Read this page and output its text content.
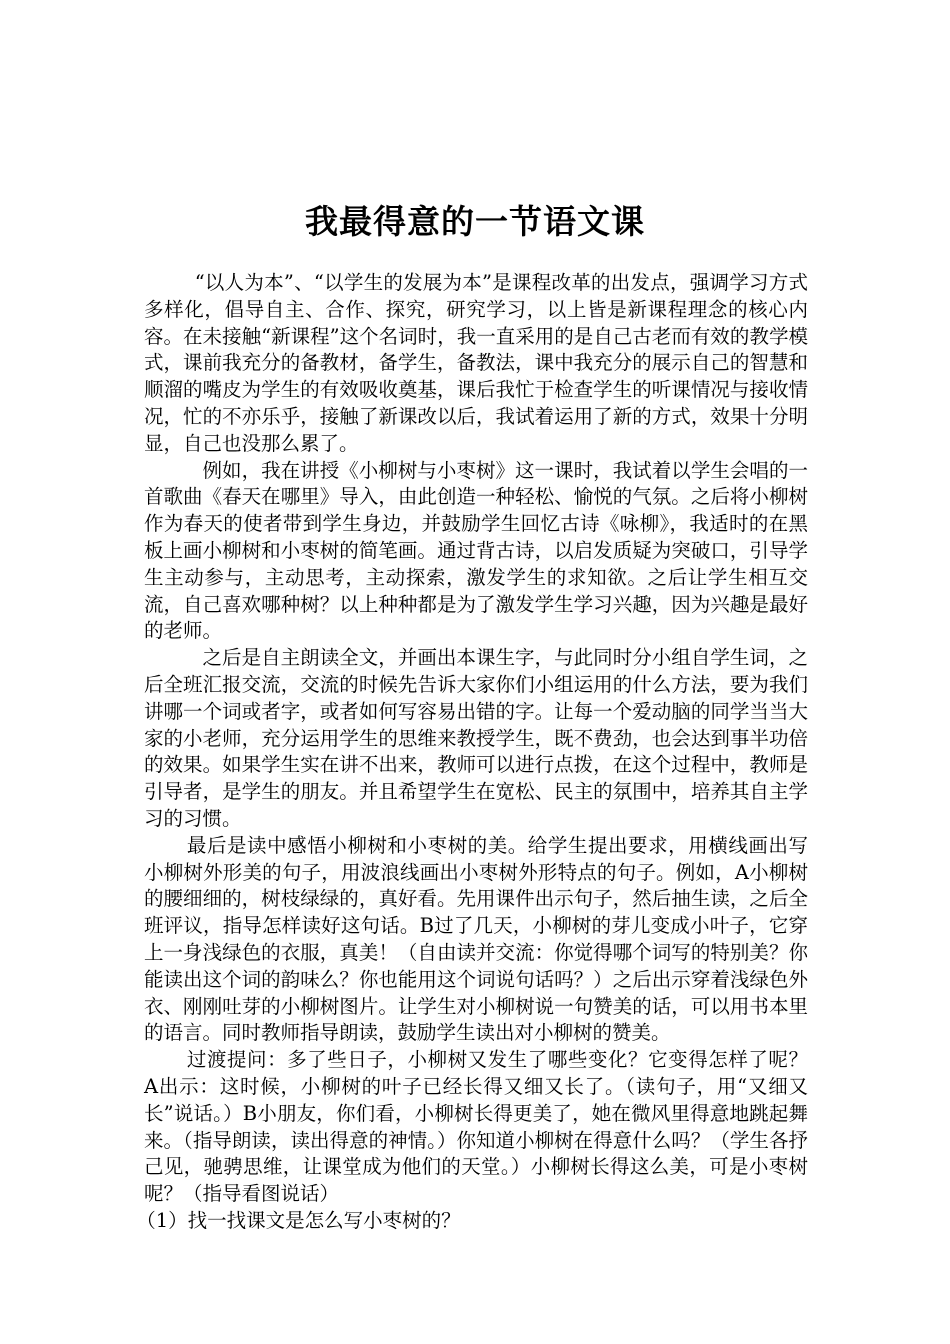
我最得意的一节语文课

“以人为本”、“以学生的发展为本”是课程改革的出发点，强调学习方式多样化，倡导自主、合作、探究，研究学习，以上皆是新课程理念的核心内容。在未接触“新课程”这个名词时，我一直采用的是自己古老而有效的教学模式，课前我充分的备教材，备学生，备教法，课中我充分的展示自己的智慧和顺溜的嘴皮为学生的有效吸收奠基，课后我忙于检查学生的听课情况与接收情况，忙的不亦乐乎，接触了新课改以后，我试着运用了新的方式，效果十分明显，自己也没那么累了。

例如，我在讲授《小柳树与小枣树》这一课时，我试着以学生会唱的一首歌曲《春天在哪里》导入，由此创造一种轻松、愉悦的气氛。之后将小柳树作为春天的使者带到学生身边，并鼓励学生回忆古诗《咏柳》，我适时的在黑板上画小柳树和小枣树的简笔画。通过背古诗，以启发质疑为突破口，引导学生主动参与，主动思考，主动探索，激发学生的求知欲。之后让学生相互交流，自己喜欢哪种树？以上种种都是为了激发学生学习兴趣，因为兴趣是最好的老师。

之后是自主朗读全文，并画出本课生字，与此同时分小组自学生词，之后全班汇报交流，交流的时候先告诉大家你们小组运用的什么方法，要为我们讲哪一个词或者字，或者如何写容易出错的字。让每一个爱动脑的同学当当大家的小老师，充分运用学生的思维来教授学生，既不费劲，也会达到事半功倍的效果。如果学生实在讲不出来，教师可以进行点拨，在这个过程中，教师是引导者，是学生的朋友。并且希望学生在宽松、民主的氛围中，培养其自主学习的习惯。

最后是读中感悟小柳树和小枣树的美。给学生提出要求，用横线画出写小柳树外形美的句子，用波浪线画出小枣树外形特点的句子。例如，A小柳树的腰细细的，树枝绿绿的，真好看。先用课件出示句子，然后抽生读，之后全班评议，指导怎样读好这句话。B过了几天，小柳树的芽儿变成小叶子，它穿上一身浅绿色的衣服，真美！（自由读并交流：你觉得哪个词写的特别美？你能读出这个词的韵味么？你也能用这个词说句话吗？）之后出示穿着浅绿色外衣、刚刚吐芽的小柳树图片。让学生对小柳树说一句赞美的话，可以用书本里的语言。同时教师指导朗读，鼓励学生读出对小柳树的赞美。

过渡提问：多了些日子，小柳树又发生了哪些变化？它变得怎样了呢？ A出示：这时候，小柳树的叶子已经长得又细又长了。（读句子，用“又细又长”说话。）B小朋友，你们看，小柳树长得更美了，她在微风里得意地跳起舞来。（指导朗读，读出得意的神情。）你知道小柳树在得意什么吗？（学生各抒己见，驰骋思维，让课堂成为他们的天堂。）小柳树长得这么美，可是小枣树呢？（指导看图说话）

（1）找一找课文是怎么写小枣树的？
